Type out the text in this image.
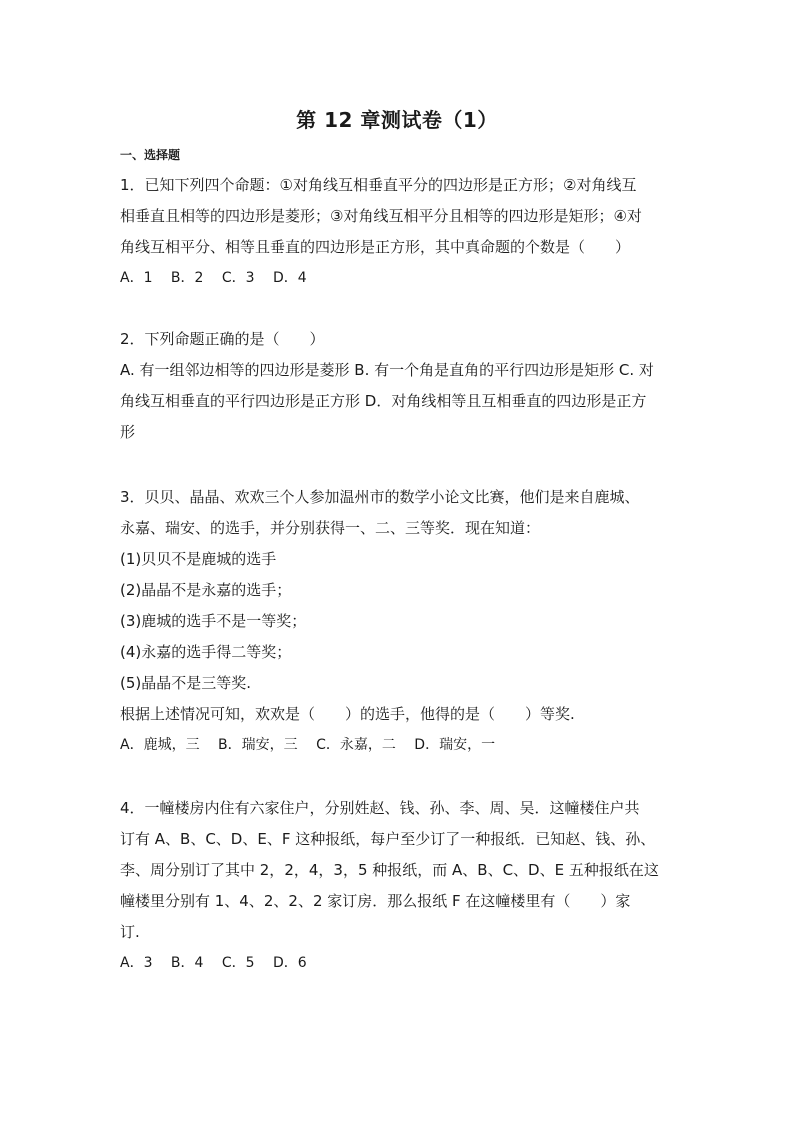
第 12 章测试卷（1）
一、选择题
1．已知下列四个命题：①对角线互相垂直平分的四边形是正方形；②对角线互
相垂直且相等的四边形是菱形；③对角线互相平分且相等的四边形是矩形；④对
角线互相平分、相等且垂直的四边形是正方形，其中真命题的个数是（　　）
A．1　 B．2　 C．3　 D．4
2．下列命题正确的是（　　）
A. 有一组邻边相等的四边形是菱形 B. 有一个角是直角的平行四边形是矩形 C. 对
角线互相垂直的平行四边形是正方形 D．对角线相等且互相垂直的四边形是正方
形
3．贝贝、晶晶、欢欢三个人参加温州市的数学小论文比赛，他们是来自鹿城、
永嘉、瑞安、的选手，并分别获得一、二、三等奖．现在知道：
(1)贝贝不是鹿城的选手
(2)晶晶不是永嘉的选手；
(3)鹿城的选手不是一等奖；
(4)永嘉的选手得二等奖；
(5)晶晶不是三等奖.
根据上述情况可知，欢欢是（　　）的选手，他得的是（　　）等奖.
A．鹿城，三　 B．瑞安，三　 C．永嘉，二　 D．瑞安，一
4．一幢楼房内住有六家住户，分别姓赵、钱、孙、李、周、吴．这幢楼住户共
订有 A、B、C、D、E、F 这种报纸，每户至少订了一种报纸．已知赵、钱、孙、
李、周分别订了其中 2，2，4，3，5 种报纸，而 A、B、C、D、E 五种报纸在这
幢楼里分别有 1、4、2、2、2 家订房．那么报纸 F 在这幢楼里有（　　）家
订.
A．3　 B．4　 C．5　 D．6
